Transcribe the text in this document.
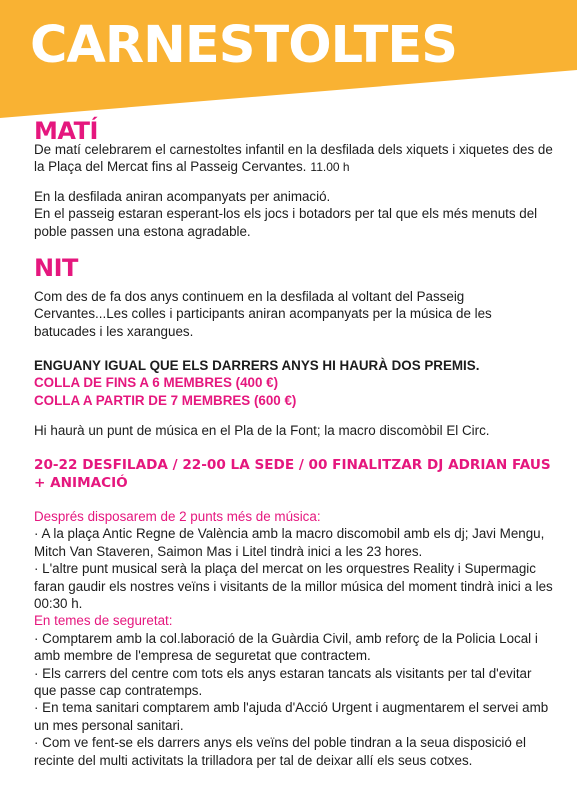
CARNESTOLTES
MATÍ

De matí celebrarem el carnestoltes infantil en la desfilada dels xiquets i xiquetes des de la Plaça del Mercat fins al Passeig Cervantes. 11.00 h

En la desfilada aniran acompanyats per animació.
En el passeig estaran esperant-los els jocs i botadors per tal que els més menuts del poble passen una estona agradable.
NIT
Com des de fa dos anys continuem en la desfilada al voltant del Passeig Cervantes...Les colles i participants aniran acompanyats per la música de les batucades i les xarangues.
ENGUANY IGUAL QUE ELS DARRERS ANYS HI HAURÀ DOS PREMIS.
COLLA DE FINS A 6 MEMBRES (400 €)
COLLA A PARTIR DE 7 MEMBRES (600 €)
Hi haurà un punt de música en el Pla de la Font; la macro discomòbil El Circ.
20-22 DESFILADA / 22-00 LA SEDE / 00 FINALITZAR DJ ADRIAN FAUS + ANIMACIÓ
Després disposarem de 2 punts més de música:
· A la plaça Antic Regne de València amb la macro discomobil amb els dj; Javi Mengu, Mitch Van Staveren, Saimon Mas i Litel tindrà inici a les 23 hores.
· L'altre punt musical serà la plaça del mercat on les orquestres Reality i Supermagic faran gaudir els nostres veïns i visitants de la millor música del moment tindrà inici a les 00:30 h.
En temes de seguretat:
· Comptarem amb la col.laboració de la Guàrdia Civil, amb reforç de la Policia Local i amb membre de l'empresa de seguretat que contractem.
· Els carrers del centre com tots els anys estaran tancats als visitants per tal d'evitar que passe cap contratemps.
· En tema sanitari comptarem amb l'ajuda d'Acció Urgent i augmentarem el servei amb un mes personal sanitari.
· Com ve fent-se els darrers anys els veïns del poble tindran a la seua disposició el recinte del multi activitats la trilladora per tal de deixar allí els seus cotxes.
